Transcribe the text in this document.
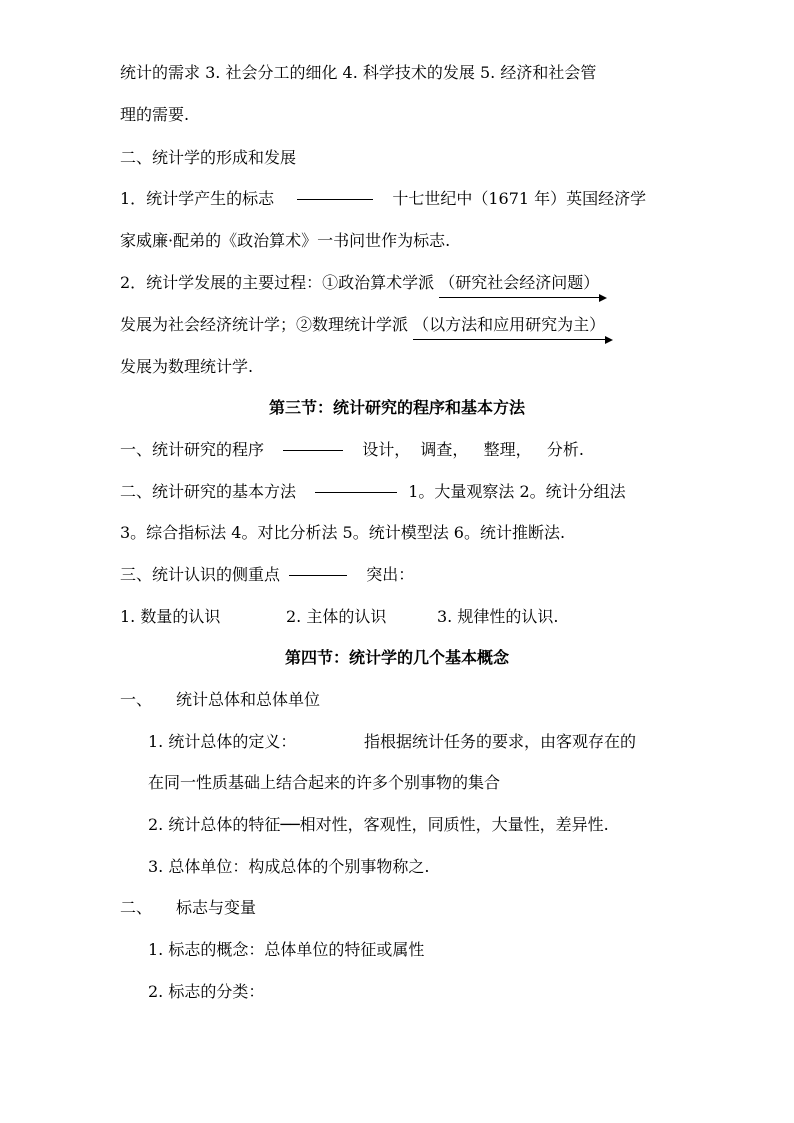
统计的需求 3. 社会分工的细化 4. 科学技术的发展 5. 经济和社会管
理的需要.
二、统计学的形成和发展
1．统计学产生的标志	十七世纪中（1671 年）英国经济学
家威廉·配弟的《政治算术》一书问世作为标志.
2．统计学发展的主要过程：①政治算术学派 （研究社会经济问题）
发展为社会经济统计学；②数理统计学派 （以方法和应用研究为主）
发展为数理统计学.
第三节：统计研究的程序和基本方法
一、统计研究的程序	设计，  调查，   整理，   分析.
二、统计研究的基本方法	1。大量观察法 2。统计分组法
3。综合指标法 4。对比分析法 5。统计模型法 6。统计推断法.
三、统计认识的侧重点	突出：
1. 数量的认识	2. 主体的认识	3. 规律性的认识.
第四节：统计学的几个基本概念
一、 统计总体和总体单位
1. 统计总体的定义：	指根据统计任务的要求，由客观存在的
在同一性质基础上结合起来的许多个别事物的集合
2. 统计总体的特征──相对性，客观性，同质性，大量性，差异性.
3. 总体单位：构成总体的个别事物称之.
二、 标志与变量
1. 标志的概念：总体单位的特征或属性
2. 标志的分类：
